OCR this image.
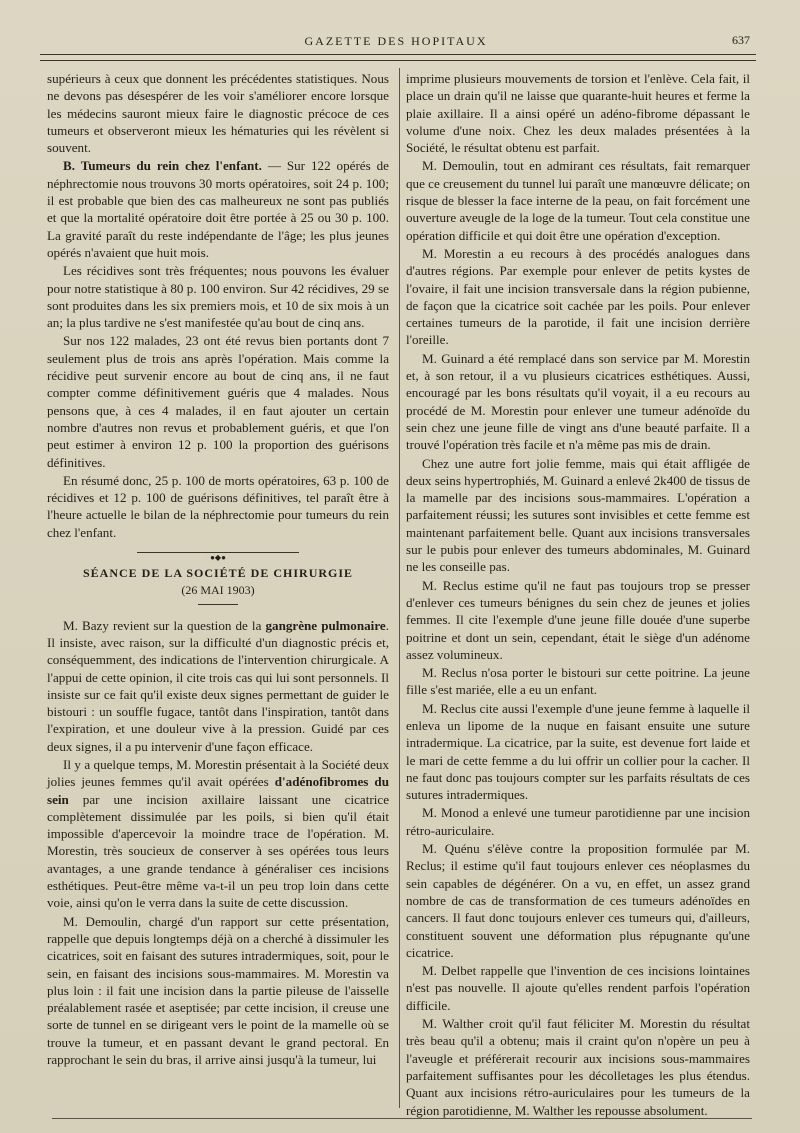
GAZETTE DES HOPITAUX	637

supérieurs à ceux que donnent les précédentes statistiques. Nous ne devons pas désespérer de les voir s'améliorer encore lorsque les médecins sauront mieux faire le diagnostic précoce de ces tumeurs et observeront mieux les hématuries qui les révèlent si souvent.

B. Tumeurs du rein chez l'enfant. — Sur 122 opérés de néphrectomie nous trouvons 30 morts opératoires, soit 24 p. 100; il est probable que bien des cas malheureux ne sont pas publiés et que la mortalité opératoire doit être portée à 25 ou 30 p. 100. La gravité paraît du reste indépendante de l'âge; les plus jeunes opérés n'avaient que huit mois.

Les récidives sont très fréquentes; nous pouvons les évaluer pour notre statistique à 80 p. 100 environ. Sur 42 récidives, 29 se sont produites dans les six premiers mois, et 10 de six mois à un an; la plus tardive ne s'est manifestée qu'au bout de cinq ans.

Sur nos 122 malades, 23 ont été revus bien portants dont 7 seulement plus de trois ans après l'opération. Mais comme la récidive peut survenir encore au bout de cinq ans, il ne faut compter comme définitivement guéris que 4 malades. Nous pensons que, à ces 4 malades, il en faut ajouter un certain nombre d'autres non revus et probablement guéris, et que l'on peut estimer à environ 12 p. 100 la proportion des guérisons définitives.

En résumé donc, 25 p. 100 de morts opératoires, 63 p. 100 de récidives et 12 p. 100 de guérisons définitives, tel paraît être à l'heure actuelle le bilan de la néphrectomie pour tumeurs du rein chez l'enfant.

●◆●
SÉANCE DE LA SOCIÉTÉ DE CHIRURGIE
(26 MAI 1903)

M. Bazy revient sur la question de la gangrène pulmonaire. Il insiste, avec raison, sur la difficulté d'un diagnostic précis et, conséquemment, des indications de l'intervention chirurgicale. A l'appui de cette opinion, il cite trois cas qui lui sont personnels. Il insiste sur ce fait qu'il existe deux signes permettant de guider le bistouri : un souffle fugace, tantôt dans l'inspiration, tantôt dans l'expiration, et une douleur vive à la pression. Guidé par ces deux signes, il a pu intervenir d'une façon efficace.

Il y a quelque temps, M. Morestin présentait à la Société deux jolies jeunes femmes qu'il avait opérées d'adénofibromes du sein par une incision axillaire laissant une cicatrice complètement dissimulée par les poils, si bien qu'il était impossible d'apercevoir la moindre trace de l'opération. M. Morestin, très soucieux de conserver à ses opérées tous leurs avantages, a une grande tendance à généraliser ces incisions esthétiques. Peut-être même va-t-il un peu trop loin dans cette voie, ainsi qu'on le verra dans la suite de cette discussion.

M. Demoulin, chargé d'un rapport sur cette présentation, rappelle que depuis longtemps déjà on a cherché à dissimuler les cicatrices, soit en faisant des sutures intradermiques, soit, pour le sein, en faisant des incisions sous-mammaires. M. Morestin va plus loin : il fait une incision dans la partie pileuse de l'aisselle préalablement rasée et aseptisée; par cette incision, il creuse une sorte de tunnel en se dirigeant vers le point de la mamelle où se trouve la tumeur, et en passant devant le grand pectoral. En rapprochant le sein du bras, il arrive ainsi jusqu'à la tumeur, lui

imprime plusieurs mouvements de torsion et l'enlève. Cela fait, il place un drain qu'il ne laisse que quarante-huit heures et ferme la plaie axillaire. Il a ainsi opéré un adéno-fibrome dépassant le volume d'une noix. Chez les deux malades présentées à la Société, le résultat obtenu est parfait.

M. Demoulin, tout en admirant ces résultats, fait remarquer que ce creusement du tunnel lui paraît une manœuvre délicate; on risque de blesser la face interne de la peau, on fait forcément une ouverture aveugle de la loge de la tumeur. Tout cela constitue une opération difficile et qui doit être une opération d'exception.

M. Morestin a eu recours à des procédés analogues dans d'autres régions. Par exemple pour enlever de petits kystes de l'ovaire, il fait une incision transversale dans la région pubienne, de façon que la cicatrice soit cachée par les poils. Pour enlever certaines tumeurs de la parotide, il fait une incision derrière l'oreille.

M. Guinard a été remplacé dans son service par M. Morestin et, à son retour, il a vu plusieurs cicatrices esthétiques. Aussi, encouragé par les bons résultats qu'il voyait, il a eu recours au procédé de M. Morestin pour enlever une tumeur adénoïde du sein chez une jeune fille de vingt ans d'une beauté parfaite. Il a trouvé l'opération très facile et n'a même pas mis de drain.

Chez une autre fort jolie femme, mais qui était affligée de deux seins hypertrophiés, M. Guinard a enlevé 2k400 de tissus de la mamelle par des incisions sous-mammaires. L'opération a parfaitement réussi; les sutures sont invisibles et cette femme est maintenant parfaitement belle. Quant aux incisions transversales sur le pubis pour enlever des tumeurs abdominales, M. Guinard ne les conseille pas.

M. Reclus estime qu'il ne faut pas toujours trop se presser d'enlever ces tumeurs bénignes du sein chez de jeunes et jolies femmes. Il cite l'exemple d'une jeune fille douée d'une superbe poitrine et dont un sein, cependant, était le siège d'un adénome assez volumineux.

M. Reclus n'osa porter le bistouri sur cette poitrine. La jeune fille s'est mariée, elle a eu un enfant.

M. Reclus cite aussi l'exemple d'une jeune femme à laquelle il enleva un lipome de la nuque en faisant ensuite une suture intradermique. La cicatrice, par la suite, est devenue fort laide et le mari de cette femme a du lui offrir un collier pour la cacher. Il ne faut donc pas toujours compter sur les parfaits résultats de ces sutures intradermiques.

M. Monod a enlevé une tumeur parotidienne par une incision rétro-auriculaire.

M. Quénu s'élève contre la proposition formulée par M. Reclus; il estime qu'il faut toujours enlever ces néoplasmes du sein capables de dégénérer. On a vu, en effet, un assez grand nombre de cas de transformation de ces tumeurs adénoïdes en cancers. Il faut donc toujours enlever ces tumeurs qui, d'ailleurs, constituent souvent une déformation plus répugnante qu'une cicatrice.

M. Delbet rappelle que l'invention de ces incisions lointaines n'est pas nouvelle. Il ajoute qu'elles rendent parfois l'opération difficile.

M. Walther croit qu'il faut féliciter M. Morestin du résultat très beau qu'il a obtenu; mais il craint qu'on n'opère un peu à l'aveugle et préférerait recourir aux incisions sous-mammaires parfaitement suffisantes pour les décolletages les plus étendus. Quant aux incisions rétro-auriculaires pour les tumeurs de la région parotidienne, M. Walther les repousse absolument.
